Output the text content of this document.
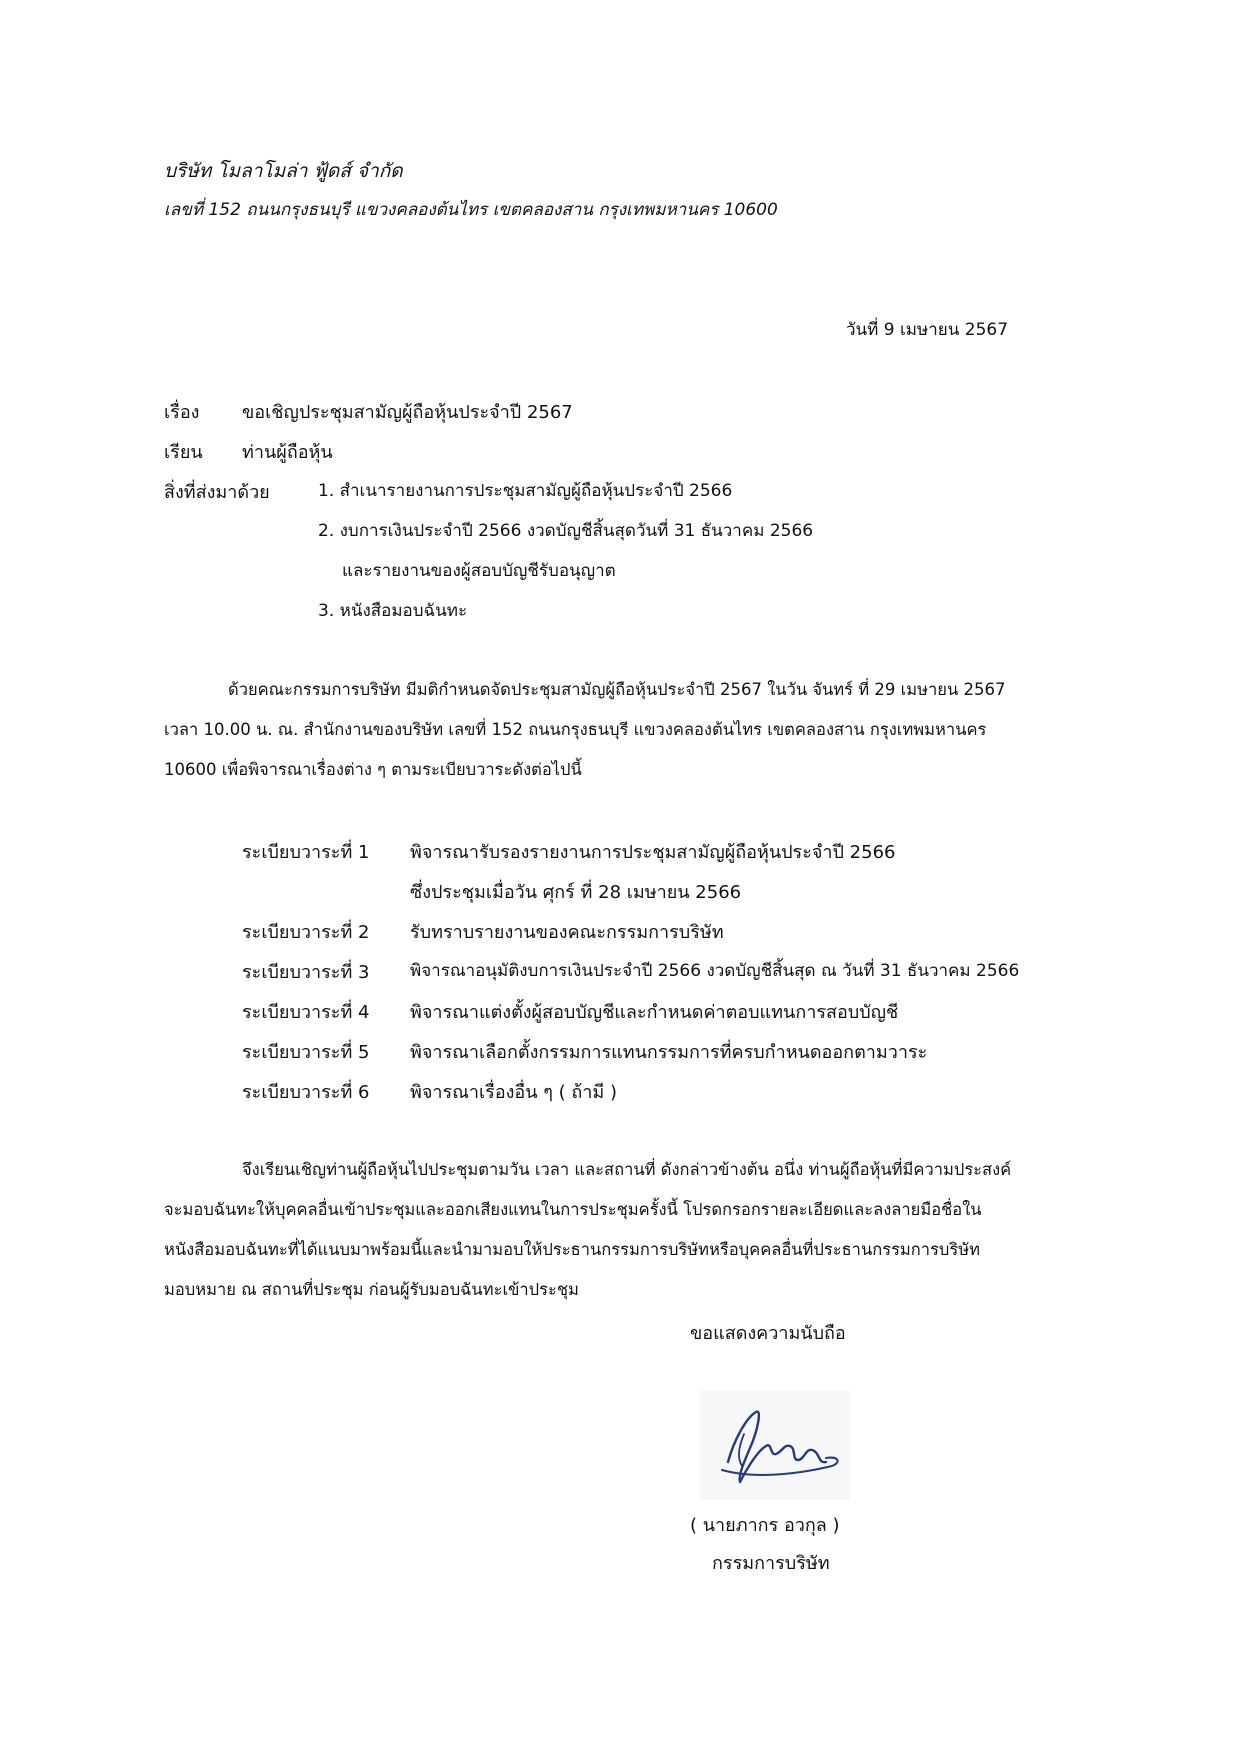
บริษัท โมลาโมล่า ฟู้ดส์ จำกัด
เลขที่ 152 ถนนกรุงธนบุรี แขวงคลองต้นไทร เขตคลองสาน กรุงเทพมหานคร 10600
วันที่ 9 เมษายน 2567
เรื่อง ขอเชิญประชุมสามัญผู้ถือหุ้นประจำปี 2567
เรียน ท่านผู้ถือหุ้น
สิ่งที่ส่งมาด้วย	1. สำเนารายงานการประชุมสามัญผู้ถือหุ้นประจำปี 2566
2. งบการเงินประจำปี 2566 งวดบัญชีสิ้นสุดวันที่ 31 ธันวาคม 2566
และรายงานของผู้สอบบัญชีรับอนุญาต
3. หนังสือมอบฉันทะ
ด้วยคณะกรรมการบริษัท มีมติกำหนดจัดประชุมสามัญผู้ถือหุ้นประจำปี 2567 ในวัน จันทร์ ที่ 29 เมษายน 2567
เวลา 10.00 น. ณ. สำนักงานของบริษัท เลขที่ 152 ถนนกรุงธนบุรี แขวงคลองต้นไทร เขตคลองสาน กรุงเทพมหานคร
10600 เพื่อพิจารณาเรื่องต่าง ๆ ตามระเบียบวาระดังต่อไปนี้
ระเบียบวาระที่ 1 พิจารณารับรองรายงานการประชุมสามัญผู้ถือหุ้นประจำปี 2566
ซึ่งประชุมเมื่อวัน ศุกร์ ที่ 28 เมษายน 2566
ระเบียบวาระที่ 2 รับทราบรายงานของคณะกรรมการบริษัท
ระเบียบวาระที่ 3 พิจารณาอนุมัติงบการเงินประจำปี 2566 งวดบัญชีสิ้นสุด ณ วันที่ 31 ธันวาคม 2566
ระเบียบวาระที่ 4 พิจารณาแต่งตั้งผู้สอบบัญชีและกำหนดค่าตอบแทนการสอบบัญชี
ระเบียบวาระที่ 5 พิจารณาเลือกตั้งกรรมการแทนกรรมการที่ครบกำหนดออกตามวาระ
ระเบียบวาระที่ 6 พิจารณาเรื่องอื่น ๆ ( ถ้ามี )
จึงเรียนเชิญท่านผู้ถือหุ้นไปประชุมตามวัน เวลา และสถานที่ ดังกล่าวข้างต้น อนึ่ง ท่านผู้ถือหุ้นที่มีความประสงค์
จะมอบฉันทะให้บุคคลอื่นเข้าประชุมและออกเสียงแทนในการประชุมครั้งนี้ โปรดกรอกรายละเอียดและลงลายมือชื่อใน
หนังสือมอบฉันทะที่ได้แนบมาพร้อมนี้และนำมามอบให้ประธานกรรมการบริษัทหรือบุคคลอื่นที่ประธานกรรมการบริษัท
มอบหมาย ณ สถานที่ประชุม ก่อนผู้รับมอบฉันทะเข้าประชุม
ขอแสดงความนับถือ
( นายภากร อวกุล )
กรรมการบริษัท
